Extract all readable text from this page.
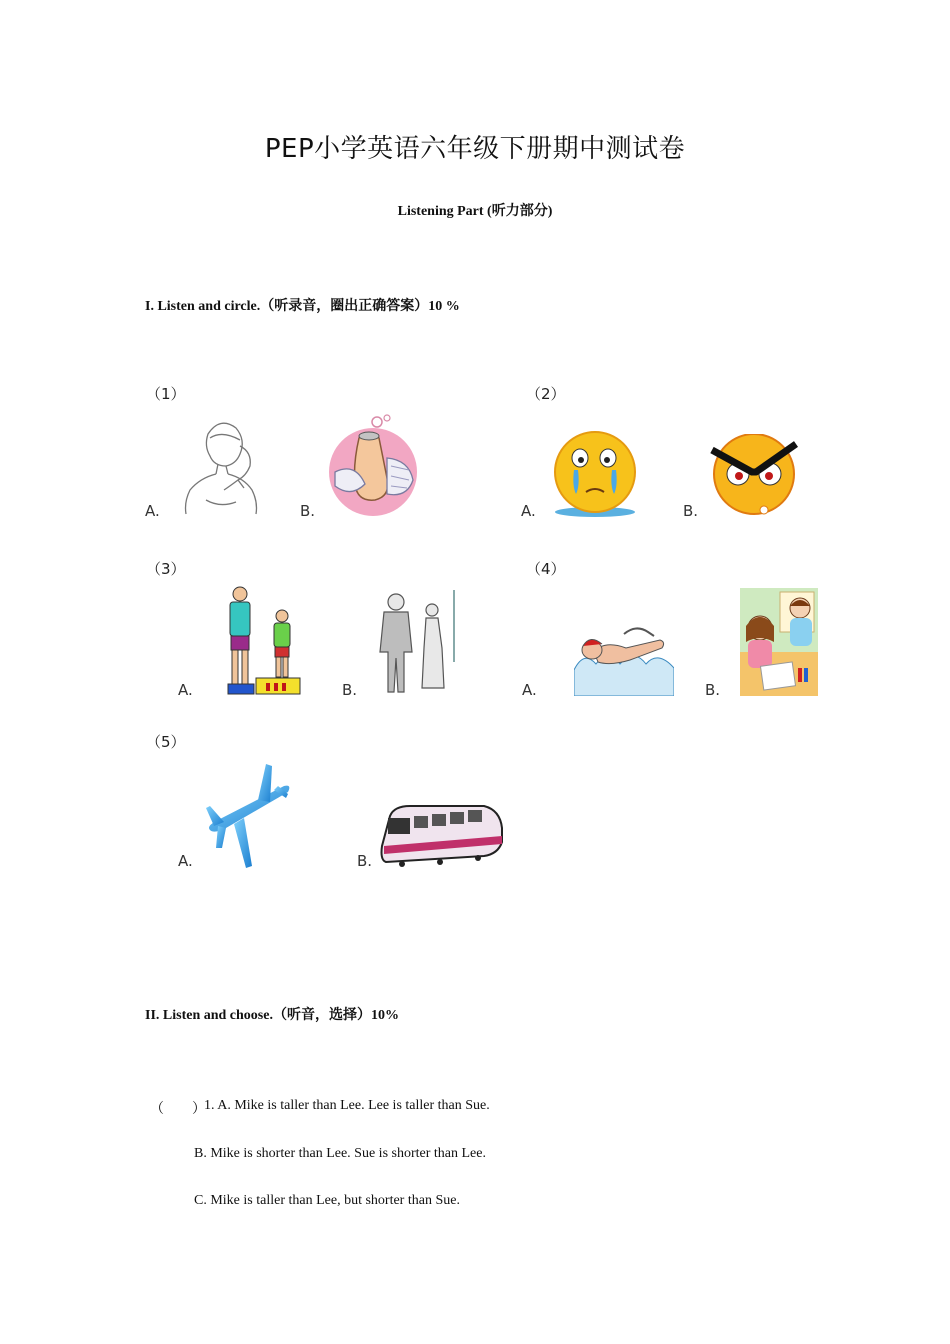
PEP小学英语六年级下册期中测试卷
Listening Part (听力部分)
I. Listen and circle.（听录音，圈出正确答案）10 %
（1）
A.	B.
（2）
A.	B.
（3）
A.	B.
（4）
A.	B.
（5）
A.	B.
II. Listen and choose.（听音，选择）10%
（        ）
1. A. Mike is taller than Lee. Lee is taller than Sue.
B. Mike is shorter than Lee. Sue is shorter than Lee.
C. Mike is taller than Lee, but shorter than Sue.
